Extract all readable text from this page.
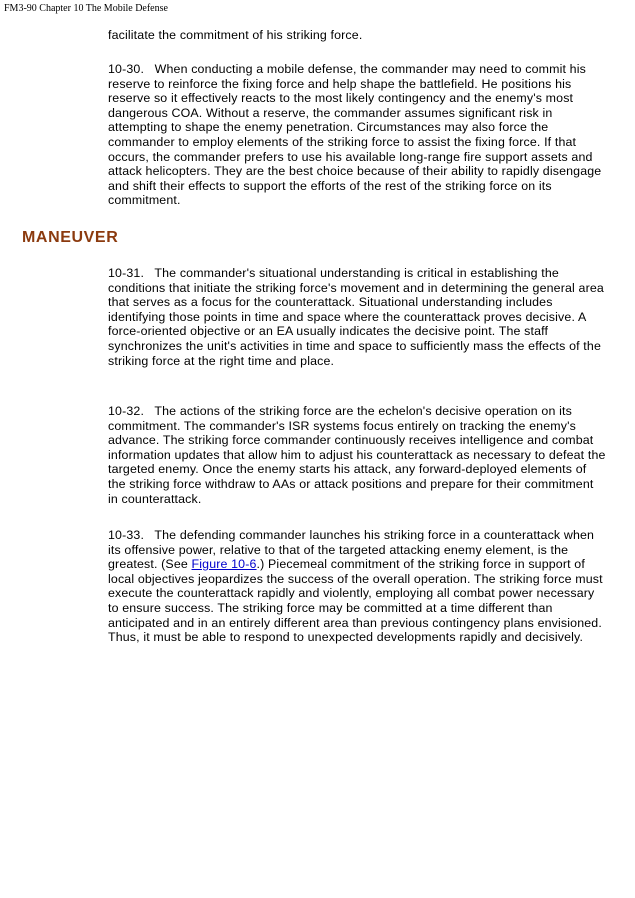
FM3-90 Chapter 10 The Mobile Defense

facilitate the commitment of his striking force.

10-30. When conducting a mobile defense, the commander may need to commit his reserve to reinforce the fixing force and help shape the battlefield. He positions his reserve so it effectively reacts to the most likely contingency and the enemy's most dangerous COA. Without a reserve, the commander assumes significant risk in attempting to shape the enemy penetration. Circumstances may also force the commander to employ elements of the striking force to assist the fixing force. If that occurs, the commander prefers to use his available long-range fire support assets and attack helicopters. They are the best choice because of their ability to rapidly disengage and shift their effects to support the efforts of the rest of the striking force on its commitment.

MANEUVER

10-31. The commander's situational understanding is critical in establishing the conditions that initiate the striking force's movement and in determining the general area that serves as a focus for the counterattack. Situational understanding includes identifying those points in time and space where the counterattack proves decisive. A force-oriented objective or an EA usually indicates the decisive point. The staff synchronizes the unit's activities in time and space to sufficiently mass the effects of the striking force at the right time and place.

10-32. The actions of the striking force are the echelon's decisive operation on its commitment. The commander's ISR systems focus entirely on tracking the enemy's advance. The striking force commander continuously receives intelligence and combat information updates that allow him to adjust his counterattack as necessary to defeat the targeted enemy. Once the enemy starts his attack, any forward-deployed elements of the striking force withdraw to AAs or attack positions and prepare for their commitment in counterattack.

10-33. The defending commander launches his striking force in a counterattack when its offensive power, relative to that of the targeted attacking enemy element, is the greatest. (See Figure 10-6.) Piecemeal commitment of the striking force in support of local objectives jeopardizes the success of the overall operation. The striking force must execute the counterattack rapidly and violently, employing all combat power necessary to ensure success. The striking force may be committed at a time different than anticipated and in an entirely different area than previous contingency plans envisioned. Thus, it must be able to respond to unexpected developments rapidly and decisively.
